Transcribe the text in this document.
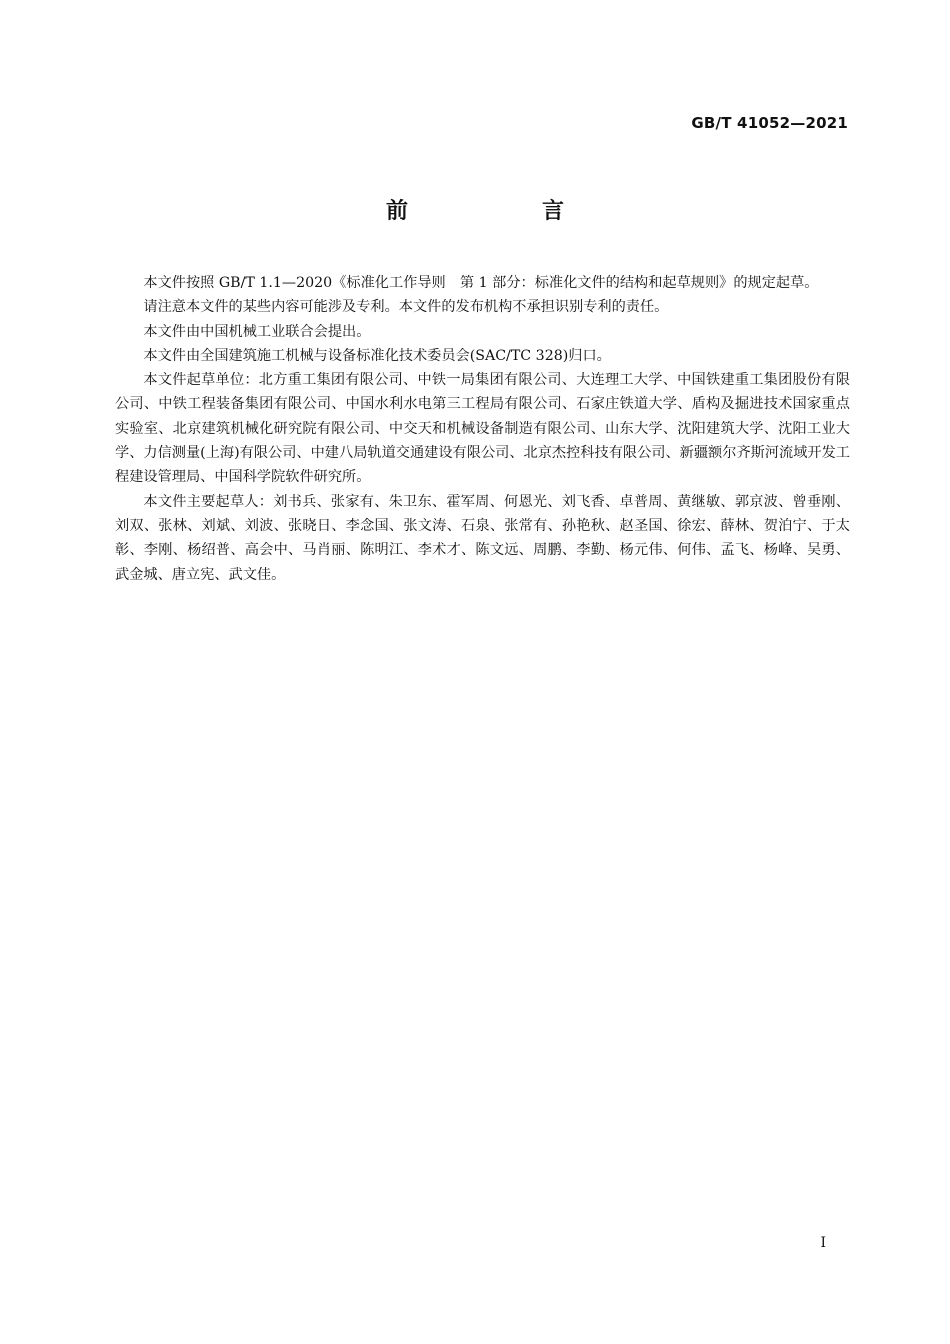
GB/T 41052—2021
前　言

本文件按照 GB/T 1.1—2020《标准化工作导则　第 1 部分：标准化文件的结构和起草规则》的规定起草。

请注意本文件的某些内容可能涉及专利。本文件的发布机构不承担识别专利的责任。

本文件由中国机械工业联合会提出。

本文件由全国建筑施工机械与设备标准化技术委员会(SAC/TC 328)归口。

本文件起草单位：北方重工集团有限公司、中铁一局集团有限公司、大连理工大学、中国铁建重工集团股份有限公司、中铁工程装备集团有限公司、中国水利水电第三工程局有限公司、石家庄铁道大学、盾构及掘进技术国家重点实验室、北京建筑机械化研究院有限公司、中交天和机械设备制造有限公司、山东大学、沈阳建筑大学、沈阳工业大学、力信测量(上海)有限公司、中建八局轨道交通建设有限公司、北京杰控科技有限公司、新疆额尔齐斯河流域开发工程建设管理局、中国科学院软件研究所。

本文件主要起草人：刘书兵、张家有、朱卫东、霍军周、何恩光、刘飞香、卓普周、黄继敏、郭京波、曾垂刚、刘双、张林、刘斌、刘波、张晓日、李念国、张文涛、石泉、张常有、孙艳秋、赵圣国、徐宏、薛林、贺泊宁、于太彰、李刚、杨绍普、高会中、马肖丽、陈明江、李术才、陈文远、周鹏、李勤、杨元伟、何伟、孟飞、杨峰、吴勇、武金城、唐立宪、武文佳。

I
